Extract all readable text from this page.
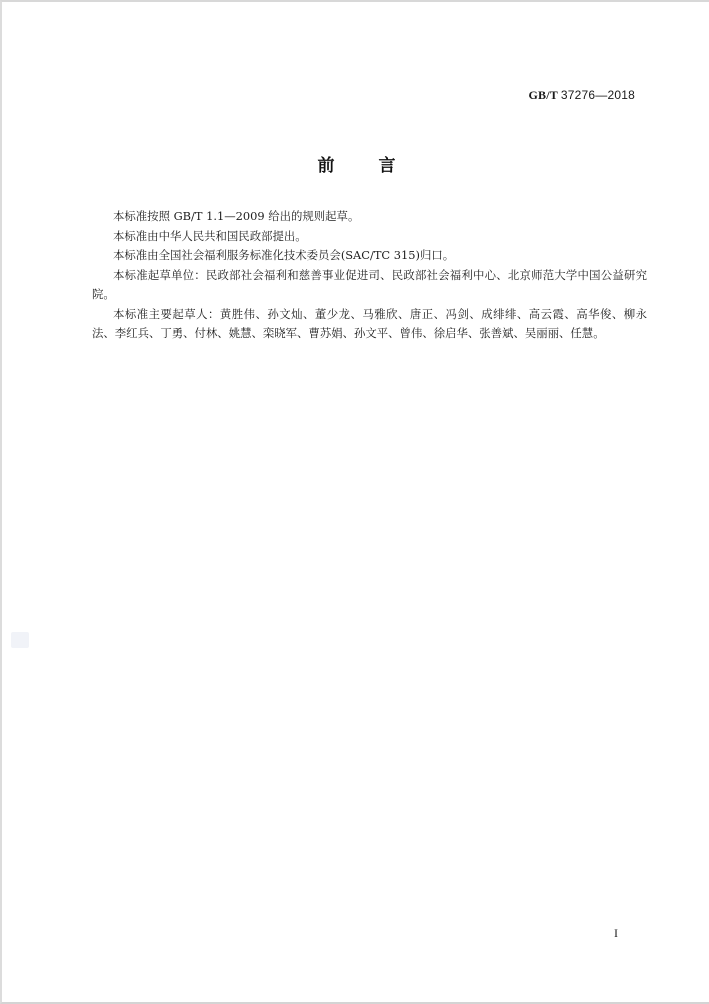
GB/T 37276—2018
前	言

本标准按照 GB/T 1.1—2009 给出的规则起草。

本标准由中华人民共和国民政部提出。

本标准由全国社会福利服务标准化技术委员会(SAC/TC 315)归口。

本标准起草单位：民政部社会福利和慈善事业促进司、民政部社会福利中心、北京师范大学中国公益研究院。

本标准主要起草人：黄胜伟、孙文灿、董少龙、马雅欣、唐正、冯剑、成绯绯、高云霞、高华俊、柳永法、李红兵、丁勇、付林、姚慧、栾晓军、曹苏娟、孙文平、曾伟、徐启华、张善斌、吴丽丽、任慧。

I
